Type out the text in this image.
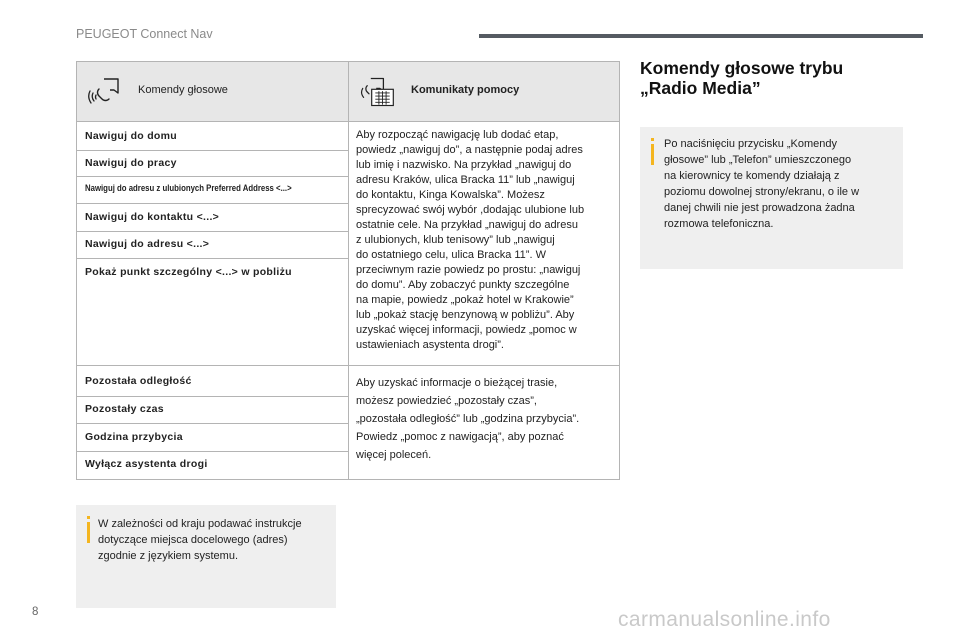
PEUGEOT Connect Nav
Komendy głosowe	Komunikaty pomocy
Nawiguj do domu
Nawiguj do pracy
Nawiguj do adresu z ulubionych Preferred Address <...>
Nawiguj do kontaktu <...>
Nawiguj do adresu <...>
Pokaż punkt szczególny <...> w pobliżu
Aby rozpocząć nawigację lub dodać etap,
powiedz „nawiguj do”, a następnie podaj adres
lub imię i nazwisko. Na przykład „nawiguj do
adresu Kraków, ulica Bracka 11” lub „nawiguj
do kontaktu, Kinga Kowalska”. Możesz
sprecyzować swój wybór ,dodając ulubione lub
ostatnie cele. Na przykład „nawiguj do adresu
z ulubionych, klub tenisowy” lub „nawiguj
do ostatniego celu, ulica Bracka 11”. W
przeciwnym razie powiedz po prostu: „nawiguj
do domu”. Aby zobaczyć punkty szczególne
na mapie, powiedz „pokaż hotel w Krakowie”
lub „pokaż stację benzynową w pobliżu”. Aby
uzyskać więcej informacji, powiedz „pomoc w
ustawieniach asystenta drogi”.
Pozostała odległość
Pozostały czas
Godzina przybycia
Wyłącz asystenta drogi
Aby uzyskać informacje o bieżącej trasie,
możesz powiedzieć „pozostały czas”,
„pozostała odległość” lub „godzina przybycia”.
Powiedz „pomoc z nawigacją”, aby poznać
więcej poleceń.
W zależności od kraju podawać instrukcje
dotyczące miejsca docelowego (adres)
zgodnie z językiem systemu.
Komendy głosowe trybu
„Radio Media”
Po naciśnięciu przycisku „Komendy
głosowe” lub „Telefon” umieszczonego
na kierownicy te komendy działają z
poziomu dowolnej strony/ekranu, o ile w
danej chwili nie jest prowadzona żadna
rozmowa telefoniczna.
8	carmanualsonline.info
